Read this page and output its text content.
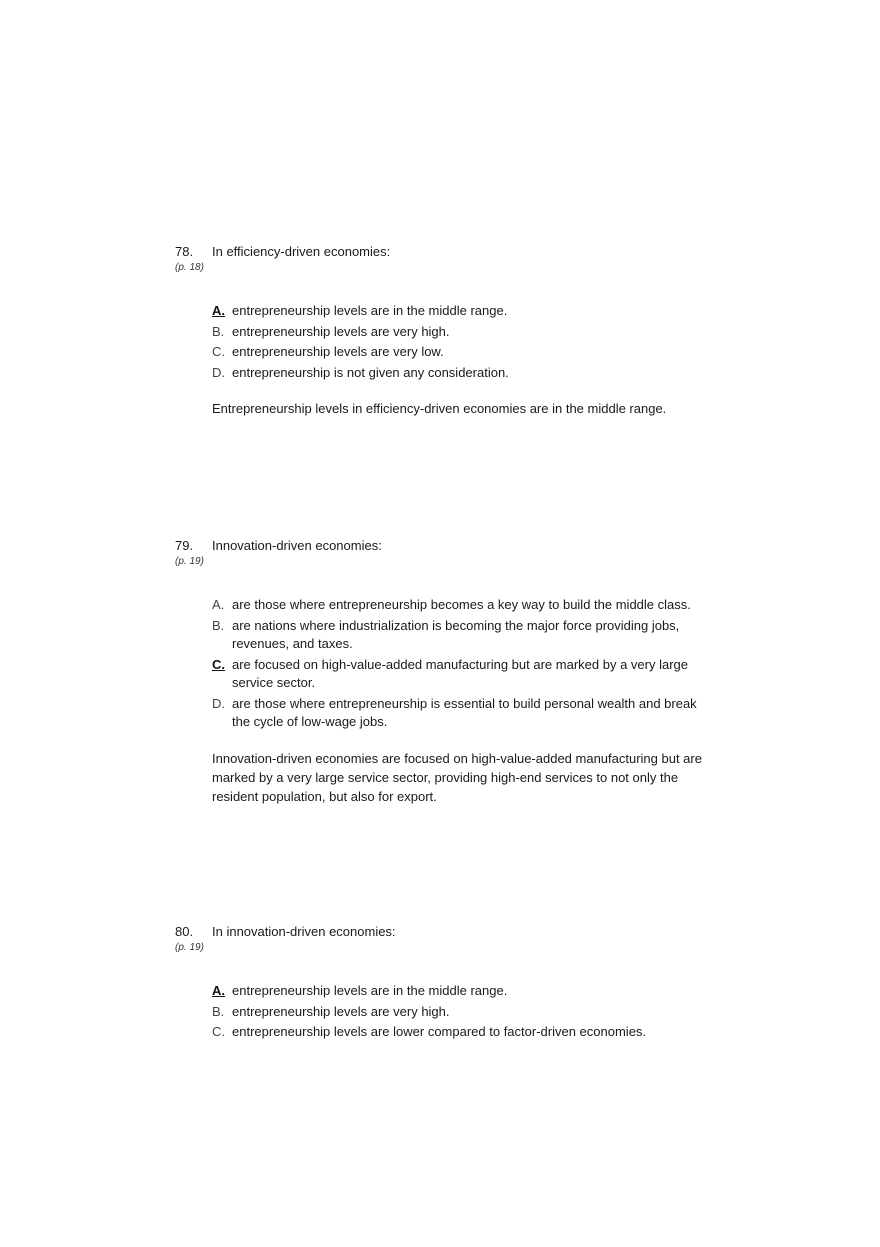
78. In efficiency-driven economies:
(p. 18)
A. entrepreneurship levels are in the middle range.
B. entrepreneurship levels are very high.
C. entrepreneurship levels are very low.
D. entrepreneurship is not given any consideration.
Entrepreneurship levels in efficiency-driven economies are in the middle range.
79. Innovation-driven economies:
(p. 19)
A. are those where entrepreneurship becomes a key way to build the middle class.
B. are nations where industrialization is becoming the major force providing jobs, revenues, and taxes.
C. are focused on high-value-added manufacturing but are marked by a very large service sector.
D. are those where entrepreneurship is essential to build personal wealth and break the cycle of low-wage jobs.
Innovation-driven economies are focused on high-value-added manufacturing but are marked by a very large service sector, providing high-end services to not only the resident population, but also for export.
80. In innovation-driven economies:
(p. 19)
A. entrepreneurship levels are in the middle range.
B. entrepreneurship levels are very high.
C. entrepreneurship levels are lower compared to factor-driven economies.
